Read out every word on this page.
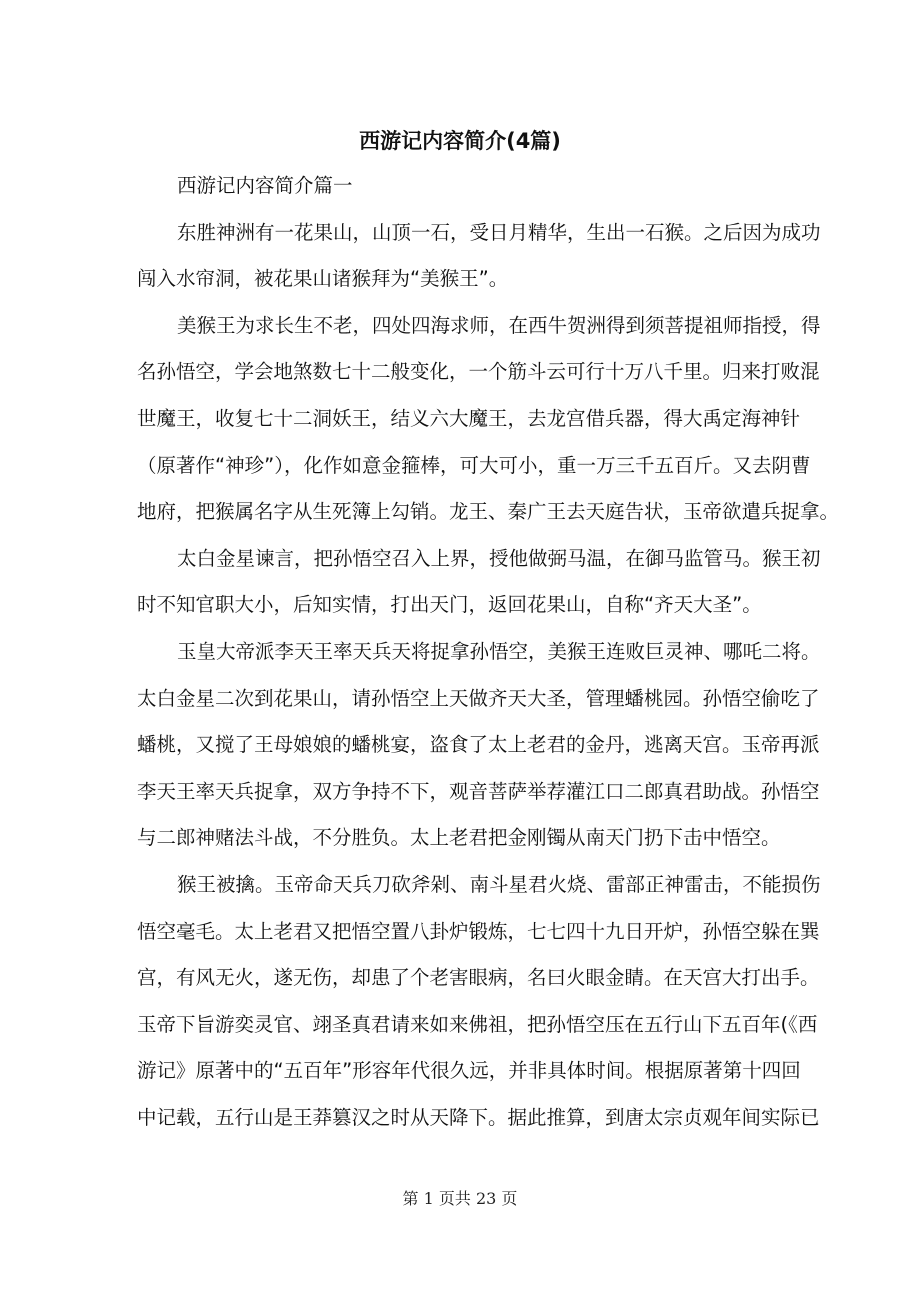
西游记内容简介(4篇)
西游记内容简介篇一
东胜神洲有一花果山，山顶一石，受日月精华，生出一石猴。之后因为成功
闯入水帘洞，被花果山诸猴拜为“美猴王”。
美猴王为求长生不老，四处四海求师，在西牛贺洲得到须菩提祖师指授，得
名孙悟空，学会地煞数七十二般变化，一个筋斗云可行十万八千里。归来打败混
世魔王，收复七十二洞妖王，结义六大魔王，去龙宫借兵器，得大禹定海神针
（原著作“神珍”），化作如意金箍棒，可大可小，重一万三千五百斤。又去阴曹
地府，把猴属名字从生死簿上勾销。龙王、秦广王去天庭告状，玉帝欲遣兵捉拿。
太白金星谏言，把孙悟空召入上界，授他做弼马温，在御马监管马。猴王初
时不知官职大小，后知实情，打出天门，返回花果山，自称“齐天大圣”。
玉皇大帝派李天王率天兵天将捉拿孙悟空，美猴王连败巨灵神、哪吒二将。
太白金星二次到花果山，请孙悟空上天做齐天大圣，管理蟠桃园。孙悟空偷吃了
蟠桃，又搅了王母娘娘的蟠桃宴，盗食了太上老君的金丹，逃离天宫。玉帝再派
李天王率天兵捉拿，双方争持不下，观音菩萨举荐灌江口二郎真君助战。孙悟空
与二郎神赌法斗战，不分胜负。太上老君把金刚镯从南天门扔下击中悟空。
猴王被擒。玉帝命天兵刀砍斧剁、南斗星君火烧、雷部正神雷击，不能损伤
悟空毫毛。太上老君又把悟空置八卦炉锻炼，七七四十九日开炉，孙悟空躲在巽
宫，有风无火，遂无伤，却患了个老害眼病，名曰火眼金睛。在天宫大打出手。
玉帝下旨游奕灵官、翊圣真君请来如来佛祖，把孙悟空压在五行山下五百年(《西
游记》原著中的“五百年”形容年代很久远，并非具体时间。根据原著第十四回
中记载，五行山是王莽篡汉之时从天降下。据此推算，到唐太宗贞观年间实际已
第 1 页共 23 页
